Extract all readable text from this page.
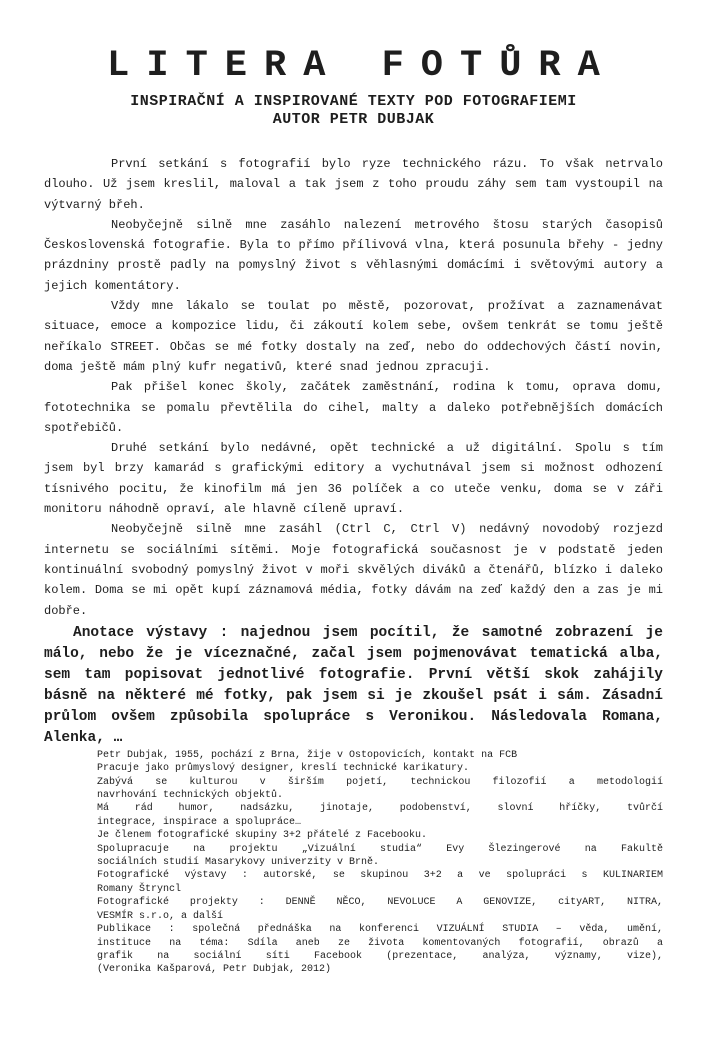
LITERA FOTŮRA
INSPIRAČNÍ A INSPIROVANÉ TEXTY POD FOTOGRAFIEMI
AUTOR PETR DUBJAK
První setkání s fotografií bylo ryze technického rázu. To však netrvalo
dlouho. Už jsem kreslil, maloval a tak jsem z toho proudu záhy sem tam vystoupil na
výtvarný břeh.
Neobyčejně silně mne zasáhlo nalezení metrového štosu starých časopisů
Československá fotografie. Byla to přímo přílivová vlna, která posunula břehy - jedny
prázdniny prostě padly na pomyslný život s věhlasnými domácími i světovými autory a
jejich komentátory.
Vždy mne lákalo se toulat po městě, pozorovat, prožívat a zaznamenávat
situace, emoce a kompozice lidu, či zákoutí kolem sebe, ovšem tenkrát se tomu ještě
neříkalo STREET. Občas se mé fotky dostaly na zeď, nebo do oddechových částí novin,
doma ještě mám plný kufr negativů, které snad jednou zpracuji.
Pak přišel konec školy, začátek zaměstnání, rodina k tomu, oprava domu,
fototechnika se pomalu převtělila do cihel, malty a daleko potřebnějších domácích
spotřebičů.
Druhé setkání bylo nedávné, opět technické a už digitální. Spolu s tím
jsem byl brzy kamarád s grafickými editory a vychutnával jsem si možnost odhození
tísnivého pocitu, že kinofilm má jen 36 políček a co uteče venku, doma se v záři
monitoru náhodně opraví, ale hlavně cíleně upraví.
Neobyčejně silně mne zasáhl (Ctrl C, Ctrl V) nedávný novodobý rozjezd
internetu se sociálními sítěmi. Moje fotografická současnost je v podstatě jeden
kontinuální svobodný pomyslný život v moři skvělých diváků a čtenářů, blízko i daleko
kolem. Doma se mi opět kupí záznamová média, fotky dávám na zeď každý den a zas je mi
dobře.
Anotace výstavy : najednou jsem pocítil, že samotné zobrazení je
málo, nebo že je víceznačné, začal jsem pojmenovávat tematická alba,
sem tam popisovat jednotlivé fotografie. První větší skok zahájily
básně na některé mé fotky, pak jsem si je zkoušel psát i sám. Zásadní
průlom ovšem způsobila spolupráce s Veronikou. Následovala Romana,
Alenka, …
Petr Dubjak, 1955, pochází z Brna, žije v Ostopovicích, kontakt na FCB
Pracuje jako průmyslový designer, kreslí technické karikatury.
Zabývá se kulturou v širším pojetí, technickou filozofií a metodologií
navrhování technických objektů.
Má rád humor, nadsázku, jinotaje, podobenství, slovní hříčky, tvůrčí
integrace, inspirace a spolupráce…
Je členem fotografické skupiny 3+2 přátelé z Facebooku.
Spolupracuje na projektu „Vizuální studia“ Evy Šlezingerové na Fakultě
sociálních studií Masarykovy univerzity v Brně.
Fotografické výstavy : autorské, se skupinou 3+2 a ve spolupráci s KULINARIEM
Romany Štryncl
Fotografické projekty : DENNĚ NĚCO, NEVOLUCE A GENOVIZE, cityART, NITRA,
VESMÍR s.r.o, a další
Publikace : společná přednáška na konferenci VIZUÁLNÍ STUDIA – věda, umění,
instituce na téma: Sdíla aneb ze života komentovaných fotografií, obrazů a
grafik na sociální síti Facebook (prezentace, analýza, významy, vize),
(Veronika Kašparová, Petr Dubjak, 2012)
